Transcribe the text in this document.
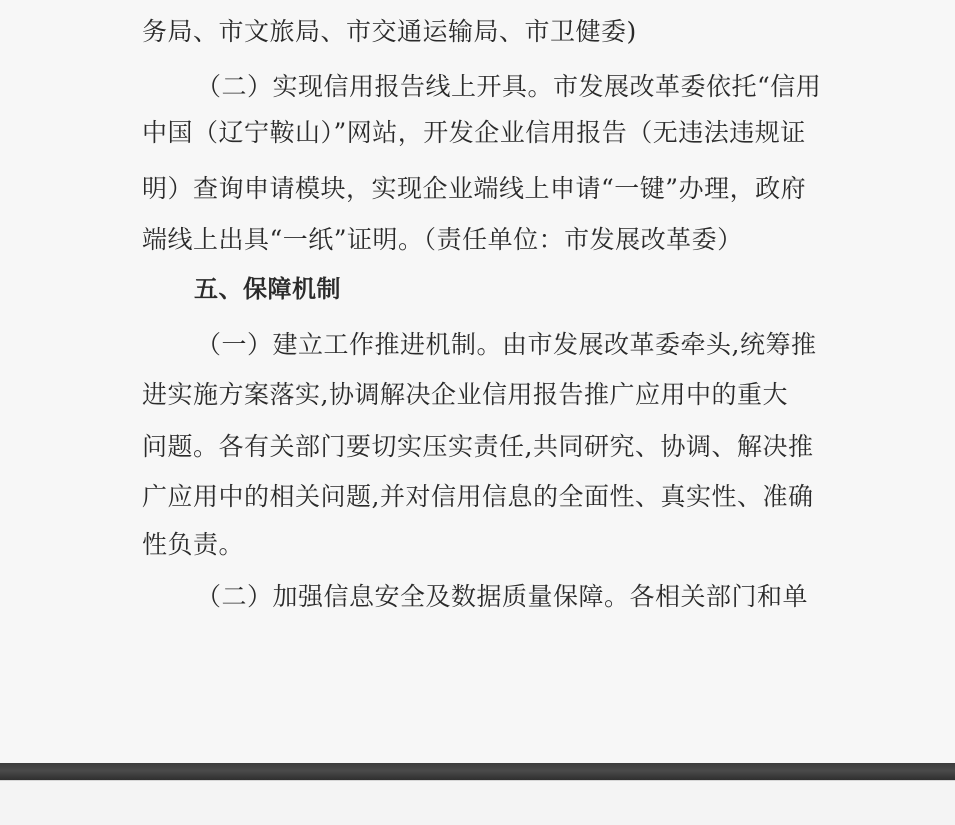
务局、市文旅局、市交通运输局、市卫健委)
（二）实现信用报告线上开具。市发展改革委依托“信用
中国（辽宁鞍山）”网站，开发企业信用报告（无违法违规证
明）查询申请模块，实现企业端线上申请“一键”办理，政府
端线上出具“一纸”证明。（责任单位：市发展改革委）
五、保障机制
（一）建立工作推进机制。由市发展改革委牵头,统筹推
进实施方案落实,协调解决企业信用报告推广应用中的重大
问题。各有关部门要切实压实责任,共同研究、协调、解决推
广应用中的相关问题,并对信用信息的全面性、真实性、准确
性负责。
（二）加强信息安全及数据质量保障。各相关部门和单
